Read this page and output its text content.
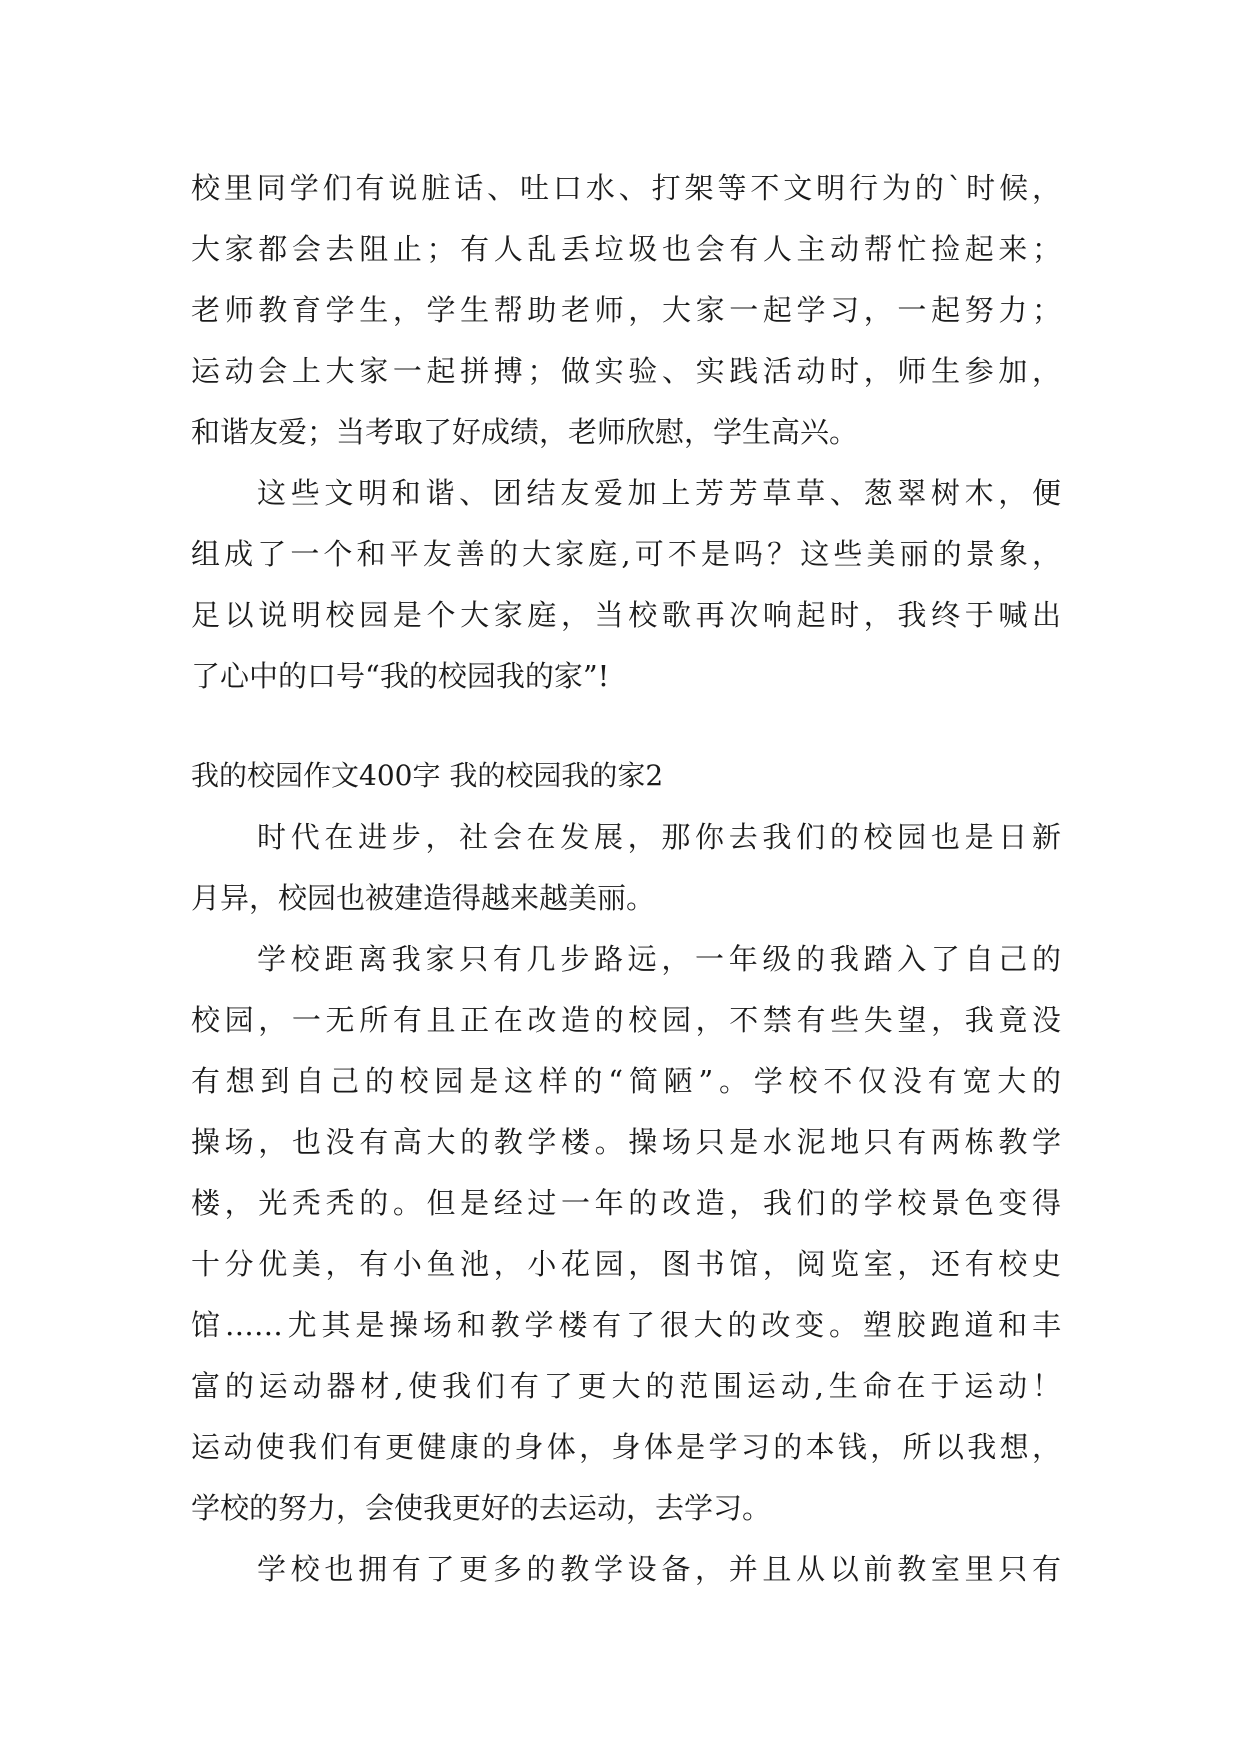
校里同学们有说脏话、吐口水、打架等不文明行为的`时候，
大家都会去阻止；有人乱丢垃圾也会有人主动帮忙捡起来；
老师教育学生，学生帮助老师，大家一起学习，一起努力；
运动会上大家一起拼搏；做实验、实践活动时，师生参加，
和谐友爱；当考取了好成绩，老师欣慰，学生高兴。
这些文明和谐、团结友爱加上芳芳草草、葱翠树木，便
组成了一个和平友善的大家庭,可不是吗？这些美丽的景象，
足以说明校园是个大家庭，当校歌再次响起时，我终于喊出
了心中的口号“我的校园我的家”!
我的校园作文400字 我的校园我的家2
时代在进步，社会在发展，那你去我们的校园也是日新
月异，校园也被建造得越来越美丽。
学校距离我家只有几步路远，一年级的我踏入了自己的
校园，一无所有且正在改造的校园，不禁有些失望，我竟没
有想到自己的校园是这样的“简陋”。学校不仅没有宽大的
操场，也没有高大的教学楼。操场只是水泥地只有两栋教学
楼，光秃秃的。但是经过一年的改造，我们的学校景色变得
十分优美，有小鱼池，小花园，图书馆，阅览室，还有校史
馆……尤其是操场和教学楼有了很大的改变。塑胶跑道和丰
富的运动器材,使我们有了更大的范围运动,生命在于运动！
运动使我们有更健康的身体，身体是学习的本钱，所以我想，
学校的努力，会使我更好的去运动，去学习。
学校也拥有了更多的教学设备，并且从以前教室里只有
